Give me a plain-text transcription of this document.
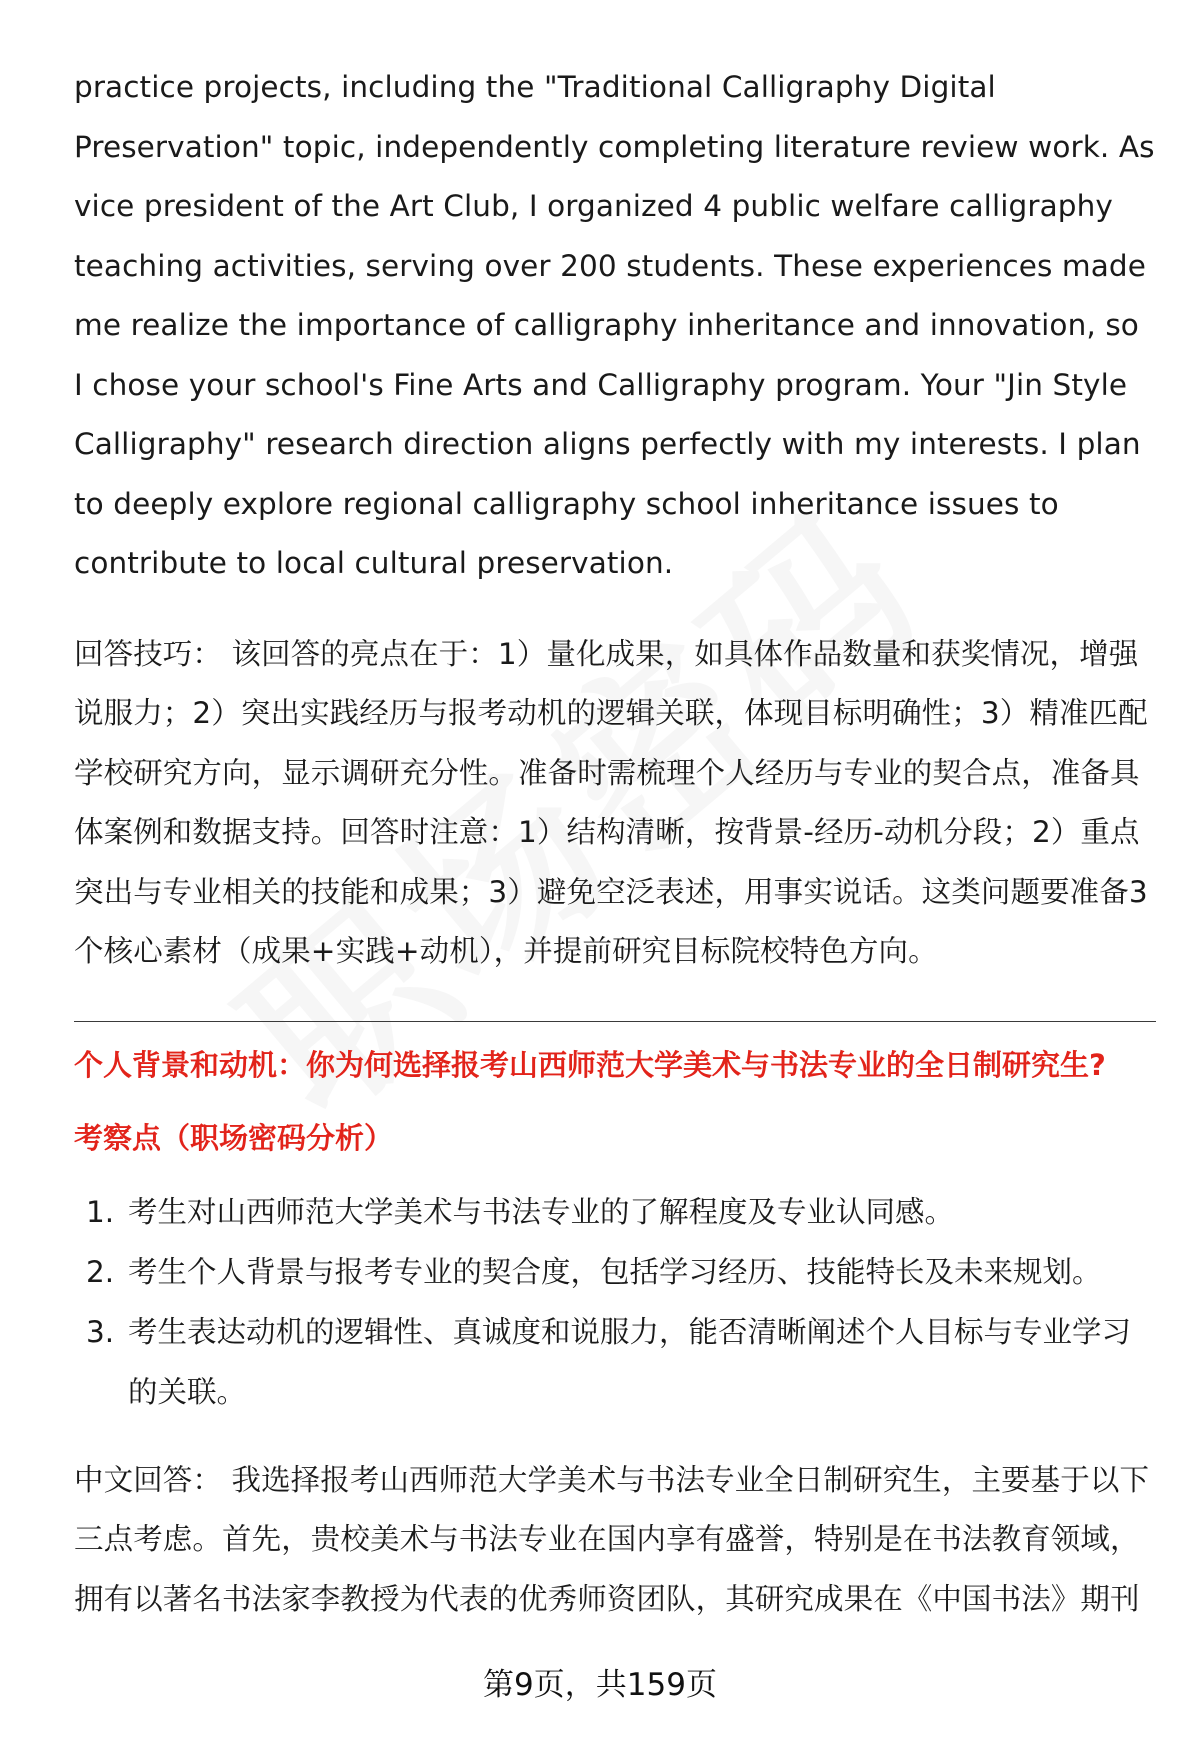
practice projects, including the "Traditional Calligraphy Digital Preservation" topic, independently completing literature review work. As vice president of the Art Club, I organized 4 public welfare calligraphy teaching activities, serving over 200 students. These experiences made me realize the importance of calligraphy inheritance and innovation, so I chose your school's Fine Arts and Calligraphy program. Your "Jin Style Calligraphy" research direction aligns perfectly with my interests. I plan to deeply explore regional calligraphy school inheritance issues to contribute to local cultural preservation.

回答技巧： 该回答的亮点在于：1）量化成果，如具体作品数量和获奖情况，增强说服力；2）突出实践经历与报考动机的逻辑关联，体现目标明确性；3）精准匹配学校研究方向，显示调研充分性。准备时需梳理个人经历与专业的契合点，准备具体案例和数据支持。回答时注意：1）结构清晰，按背景-经历-动机分段；2）重点突出与专业相关的技能和成果；3）避免空泛表述，用事实说话。这类问题要准备3个核心素材（成果+实践+动机），并提前研究目标院校特色方向。

个人背景和动机：你为何选择报考山西师范大学美术与书法专业的全日制研究生?

考察点（职场密码分析）

1. 考生对山西师范大学美术与书法专业的了解程度及专业认同感。
2. 考生个人背景与报考专业的契合度，包括学习经历、技能特长及未来规划。
3. 考生表达动机的逻辑性、真诚度和说服力，能否清晰阐述个人目标与专业学习的关联。

中文回答： 我选择报考山西师范大学美术与书法专业全日制研究生，主要基于以下三点考虑。首先，贵校美术与书法专业在国内享有盛誉，特别是在书法教育领域，拥有以著名书法家李教授为代表的优秀师资团队，其研究成果在《中国书法》期刊

第9页，共159页
